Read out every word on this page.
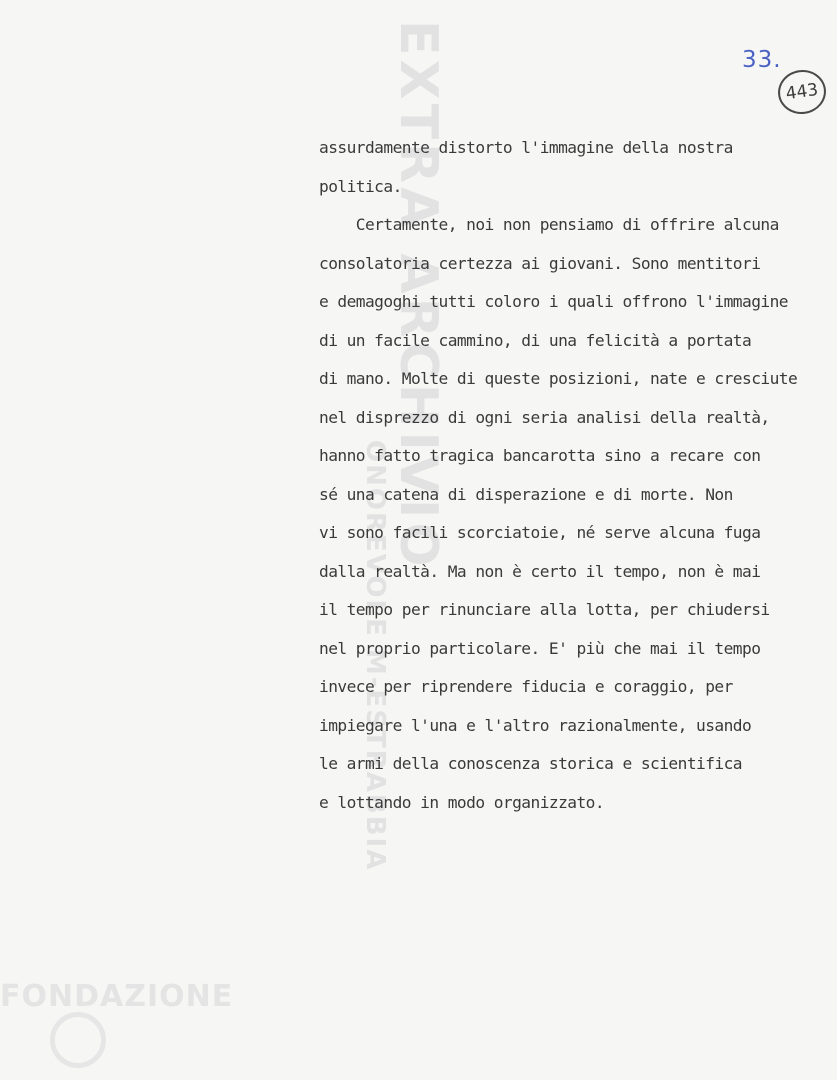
EXTRA ARCHIVIO
ONOREVOLE M-ESTRABBIA
FONDAZIONE
33.
443
assurdamente distorto l'immagine della nostra
politica.
Certamente, noi non pensiamo di offrire alcuna
consolatoria certezza ai giovani. Sono mentitori
e demagoghi tutti coloro i quali offrono l'immagine
di un facile cammino, di una felicità a portata
di mano. Molte di queste posizioni, nate e cresciute
nel disprezzo di ogni seria analisi della realtà,
hanno fatto tragica bancarotta sino a recare con
sé una catena di disperazione e di morte. Non
vi sono facili scorciatoie, né serve alcuna fuga
dalla realtà. Ma non è certo il tempo, non è mai
il tempo per rinunciare alla lotta, per chiudersi
nel proprio particolare. E' più che mai il tempo
invece per riprendere fiducia e coraggio, per
impiegare l'una e l'altro razionalmente, usando
le armi della conoscenza storica e scientifica
e lottando in modo organizzato.
